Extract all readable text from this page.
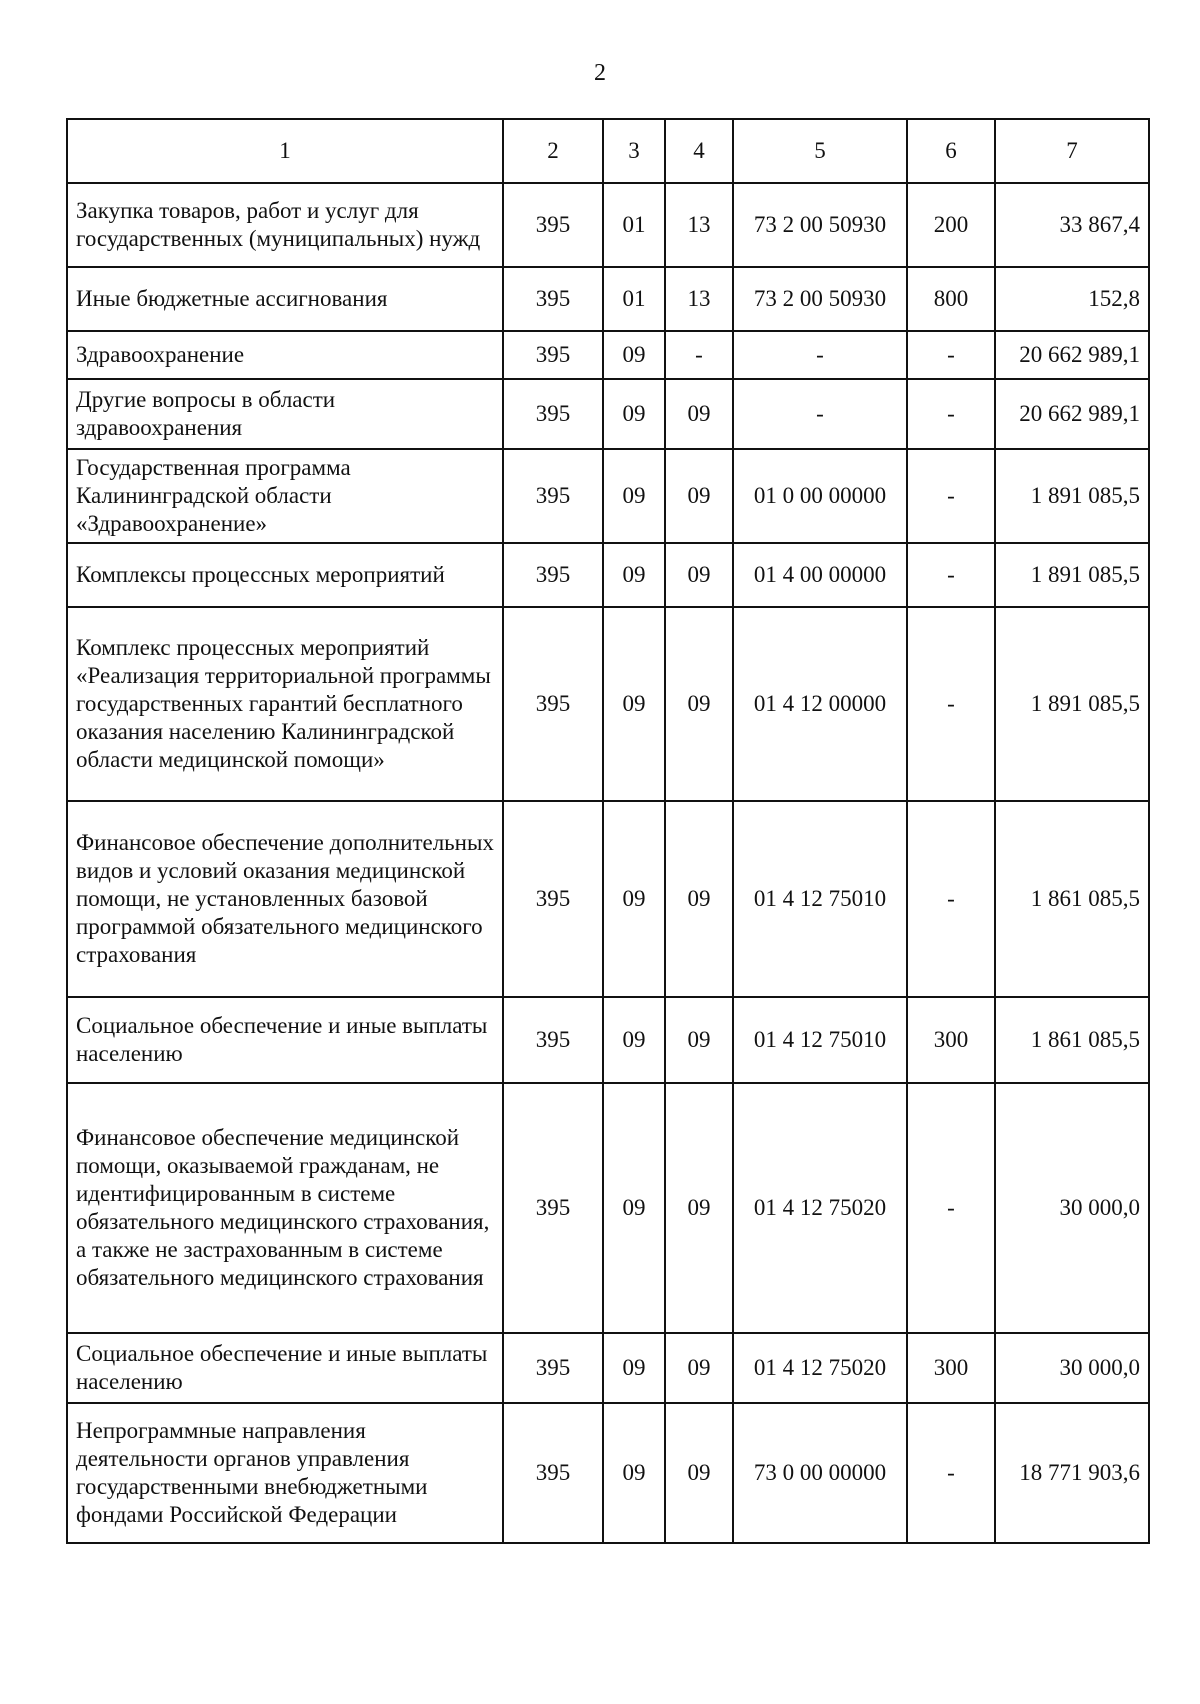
2
1	2	3	4	5	6	7
Закупка товаров, работ и услуг для государственных (муниципальных) нужд	395	01	13	73 2 00 50930	200	33 867,4
Иные бюджетные ассигнования	395	01	13	73 2 00 50930	800	152,8
Здравоохранение	395	09	-	-	-	20 662 989,1
Другие вопросы в области здравоохранения	395	09	09	-	-	20 662 989,1
Государственная программа Калининградской области «Здравоохранение»	395	09	09	01 0 00 00000	-	1 891 085,5
Комплексы процессных мероприятий	395	09	09	01 4 00 00000	-	1 891 085,5
Комплекс процессных мероприятий «Реализация территориальной программы государственных гарантий бесплатного оказания населению Калининградской области медицинской помощи»	395	09	09	01 4 12 00000	-	1 891 085,5
Финансовое обеспечение дополнительных видов и условий оказания медицинской помощи, не установленных базовой программой обязательного медицинского страхования	395	09	09	01 4 12 75010	-	1 861 085,5
Социальное обеспечение и иные выплаты населению	395	09	09	01 4 12 75010	300	1 861 085,5
Финансовое обеспечение медицинской помощи, оказываемой гражданам, не идентифицированным в системе обязательного медицинского страхования, а также не застрахованным в системе обязательного медицинского страхования	395	09	09	01 4 12 75020	-	30 000,0
Социальное обеспечение и иные выплаты населению	395	09	09	01 4 12 75020	300	30 000,0
Непрограммные направления деятельности органов управления государственными внебюджетными фондами Российской Федерации	395	09	09	73 0 00 00000	-	18 771 903,6
